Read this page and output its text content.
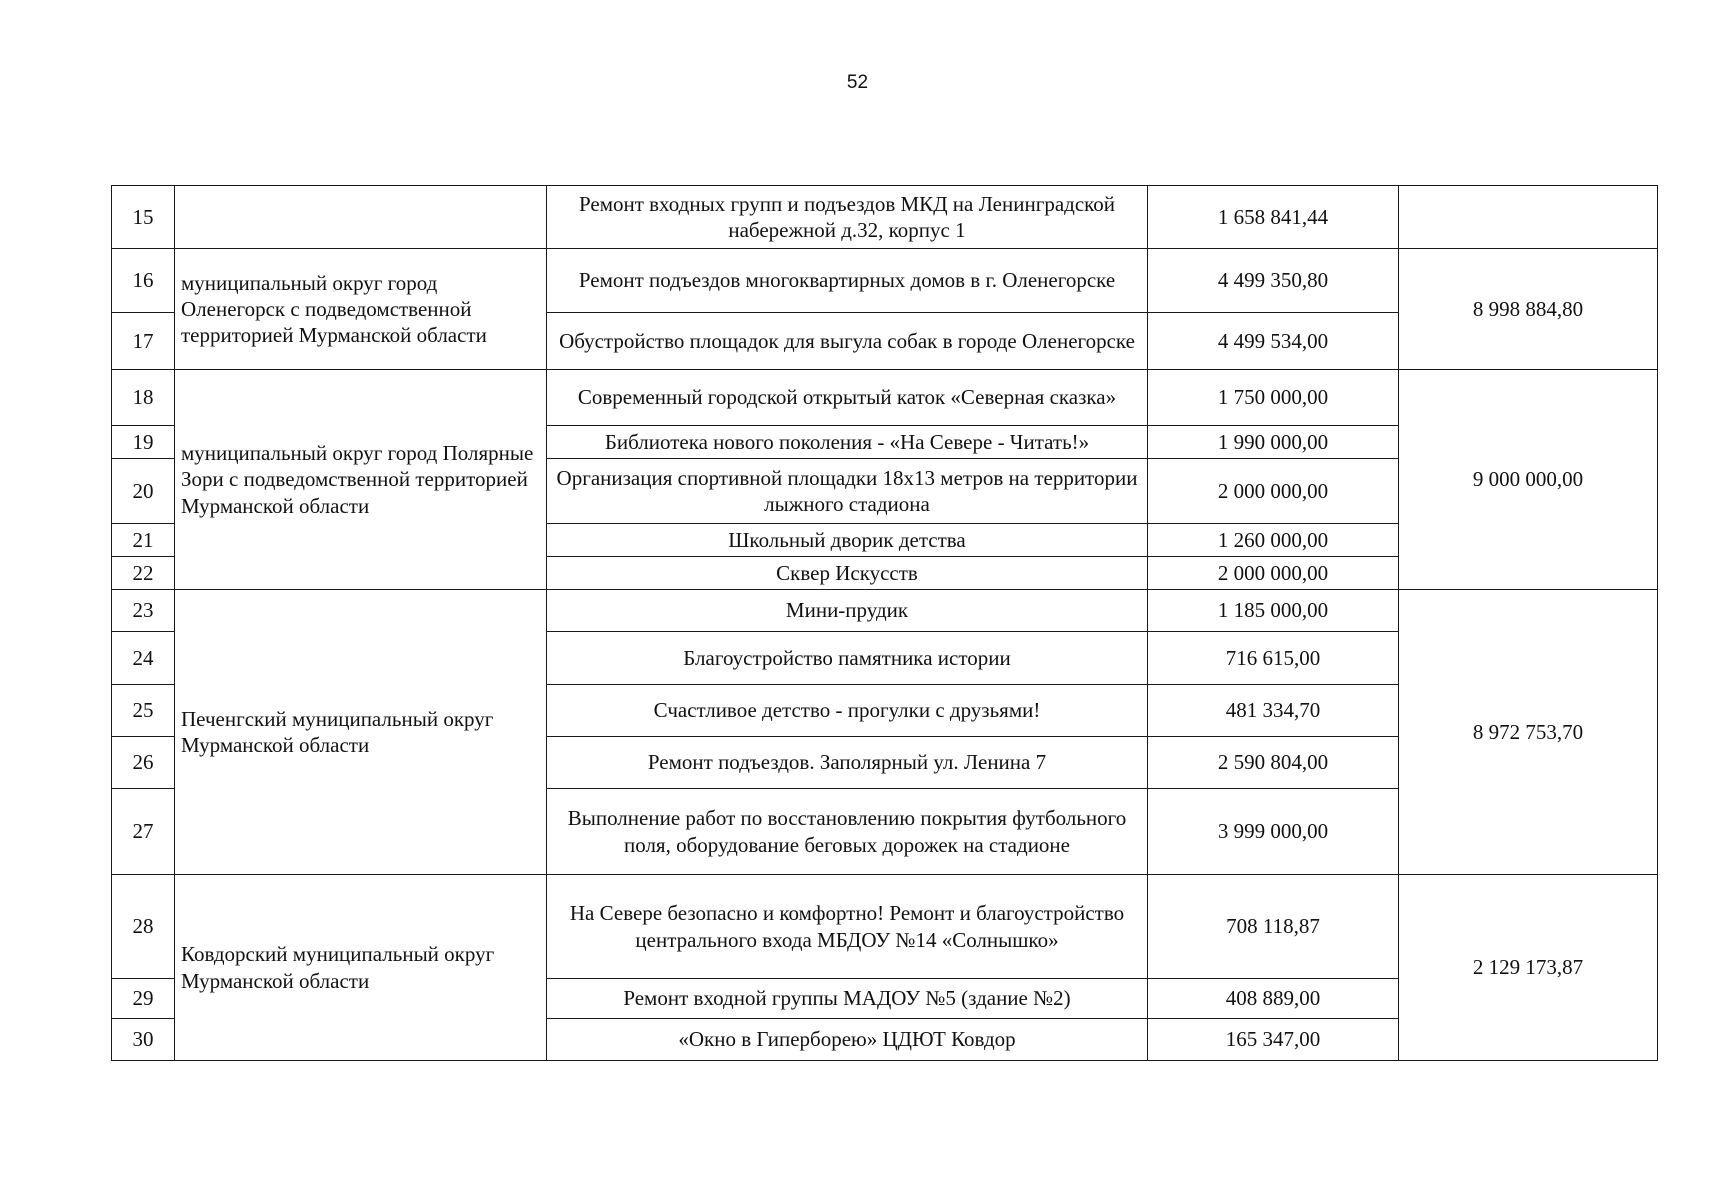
52
15		Ремонт входных групп и подъездов МКД на Ленинградской набережной д.32, корпус 1	1 658 841,44	
16	муниципальный округ город Оленегорск с подведомственной территорией Мурманской области	Ремонт подъездов многоквартирных домов в г. Оленегорске	4 499 350,80	8 998 884,80
17		Обустройство площадок для выгула собак в городе Оленегорске	4 499 534,00	
18	муниципальный округ город Полярные Зори с подведомственной территорией Мурманской области	Современный городской открытый каток «Северная сказка»	1 750 000,00	9 000 000,00
19		Библиотека нового поколения - «На Севере - Читать!»	1 990 000,00	
20		Организация спортивной площадки 18х13 метров на территории лыжного стадиона	2 000 000,00	
21		Школьный дворик детства	1 260 000,00	
22		Сквер Искусств	2 000 000,00	
23	Печенгский муниципальный округ Мурманской области	Мини-прудик	1 185 000,00	8 972 753,70
24		Благоустройство памятника истории	716 615,00	
25		Счастливое детство - прогулки с друзьями!	481 334,70	
26		Ремонт подъездов. Заполярный ул. Ленина 7	2 590 804,00	
27		Выполнение работ по восстановлению покрытия футбольного поля, оборудование беговых дорожек на стадионе	3 999 000,00	
28	Ковдорский муниципальный округ Мурманской области	На Севере безопасно и комфортно! Ремонт и благоустройство центрального входа МБДОУ №14 «Солнышко»	708 118,87	2 129 173,87
29		Ремонт входной группы МАДОУ №5 (здание №2)	408 889,00	
30		«Окно в Гиперборею» ЦДЮТ Ковдор	165 347,00	
